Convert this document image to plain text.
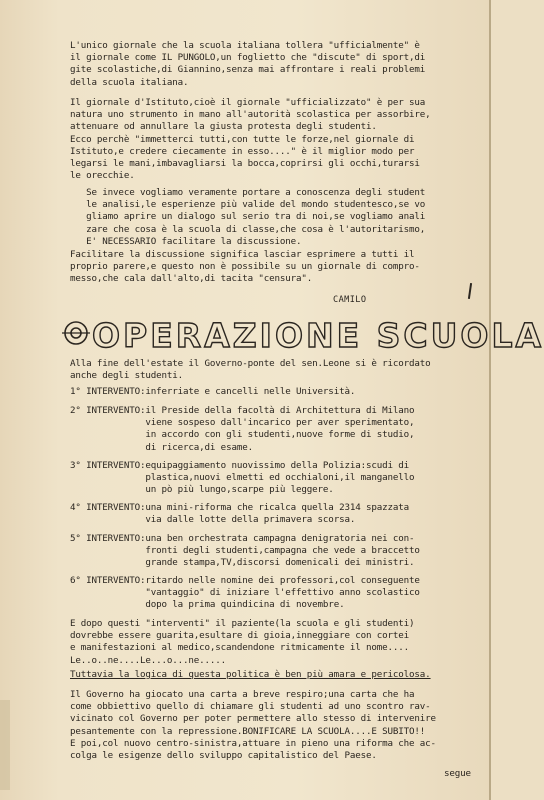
L'unico giornale che la scuola italiana tollera "ufficialmente" è

il giornale come IL PUNGOLO,un foglietto che "discute" di sport,di

gite scolastiche,di Giannino,senza mai affrontare i reali problemi

della scuola italiana.

Il giornale d'Istituto,cioè il giornale "ufficializzato" è per sua

natura uno strumento in mano all'autorità scolastica per assorbire,

attenuare od annullare la giusta protesta degli studenti.

Ecco perchè "immetterci tutti,con tutte le forze,nel giornale di

Istituto,e credere ciecamente in esso...." è il miglior modo per

legarsi le mani,imbavagliarsi la bocca,coprirsi gli occhi,turarsi

le orecchie.

Se invece vogliamo veramente portare a conoscenza degli student

le analisi,le esperienze più valide del mondo studentesco,se vo

gliamo aprire un dialogo sul serio tra di noi,se vogliamo anali

zare che cosa è la scuola di classe,che cosa è l'autoritarismo,

E' NECESSARIO facilitare la discussione.

Facilitare la discussione significa lasciar esprimere a tutti il

proprio parere,e questo non è possibile su un giornale di compro-

messo,che cala dall'alto,di tacita "censura".

CAMILO
OPERAZIONE SCUOLA

Alla fine dell'estate il Governo-ponte del sen.Leone si è ricordato

anche degli studenti.

1° INTERVENTO: inferriate e cancelli nelle Università.

2° INTERVENTO: il Preside della facoltà di Architettura di Milano

viene sospeso dall'incarico per aver sperimentato,

in accordo con gli studenti,nuove forme di studio,

di ricerca,di esame.

3° INTERVENTO: equipaggiamento nuovissimo della Polizia:scudi di

plastica,nuovi elmetti ed occhialoni,il manganello

un pò più lungo,scarpe più leggere.

4° INTERVENTO: una mini-riforma che ricalca quella 2314 spazzata

via dalle lotte della primavera scorsa.

5° INTERVENTO: una ben orchestrata campagna denigratoria nei con-

fronti degli studenti,campagna che vede a braccetto

grande stampa,TV,discorsi domenicali dei ministri.

6° INTERVENTO: ritardo nelle nomine dei professori,col conseguente

"vantaggio" di iniziare l'effettivo anno scolastico

dopo la prima quindicina di novembre.

E dopo questi "interventi" il paziente(la scuola e gli studenti)

dovrebbe essere guarita,esultare di gioia,inneggiare con cortei

e manifestazioni al medico,scandendone ritmicamente il nome....

Le..o..ne....Le...o...ne.....

Tuttavia la logica di questa politica è ben più amara e pericolosa.

Il Governo ha giocato una carta a breve respiro;una carta che ha

come obbiettivo quello di chiamare gli studenti ad uno scontro rav-

vicinato col Governo per poter permettere allo stesso di intervenire

pesantemente con la repressione.BONIFICARE LA SCUOLA....E SUBITO!!

E poi,col nuovo centro-sinistra,attuare in pieno una riforma che ac-

colga le esigenze dello sviluppo capitalistico del Paese.

segue
